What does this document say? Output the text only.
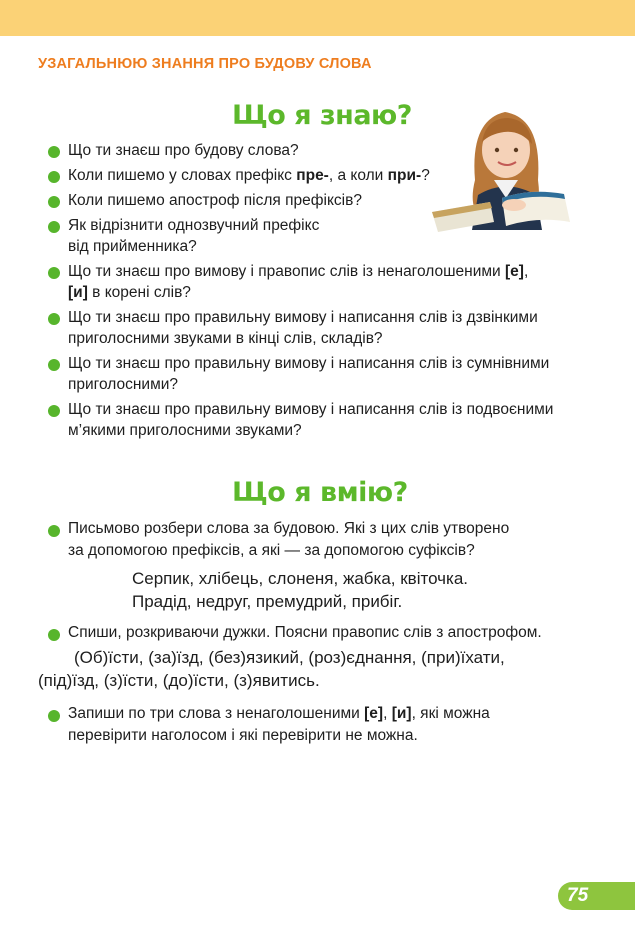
УЗАГАЛЬНЮЮ ЗНАННЯ ПРО БУДОВУ СЛОВА
Що я знаю?
Що ти знаєш про будову слова?
Коли пишемо у словах префікс пре-, а коли при-?
Коли пишемо апостроф після префіксів?
Як відрізнити однозвучний префікс
від прийменника?
Що ти знаєш про вимову і правопис слів із ненаголошеними [е],
[и] в корені слів?
Що ти знаєш про правильну вимову і написання слів із дзвінкими
приголосними звуками в кінці слів, складів?
Що ти знаєш про правильну вимову і написання слів із сумнівними
приголосними?
Що ти знаєш про правильну вимову і написання слів із подвоєними
м’якими приголосними звуками?
Що я вмію?
Письмово розбери слова за будовою. Які з цих слів утворено
за допомогою префіксів, а які — за допомогою суфіксів?
Серпик, хлібець, слоненя, жабка, квіточка.
Прадід, недруг, премудрий, прибіг.
Спиши, розкриваючи дужки. Поясни правопис слів з апострофом.
(Об)їсти, (за)їзд, (без)язикий, (роз)єднання, (при)їхати,
(під)їзд, (з)їсти, (до)їсти, (з)явитись.
Запиши по три слова з ненаголошеними [е], [и], які можна
перевірити наголосом і які перевірити не можна.
75
